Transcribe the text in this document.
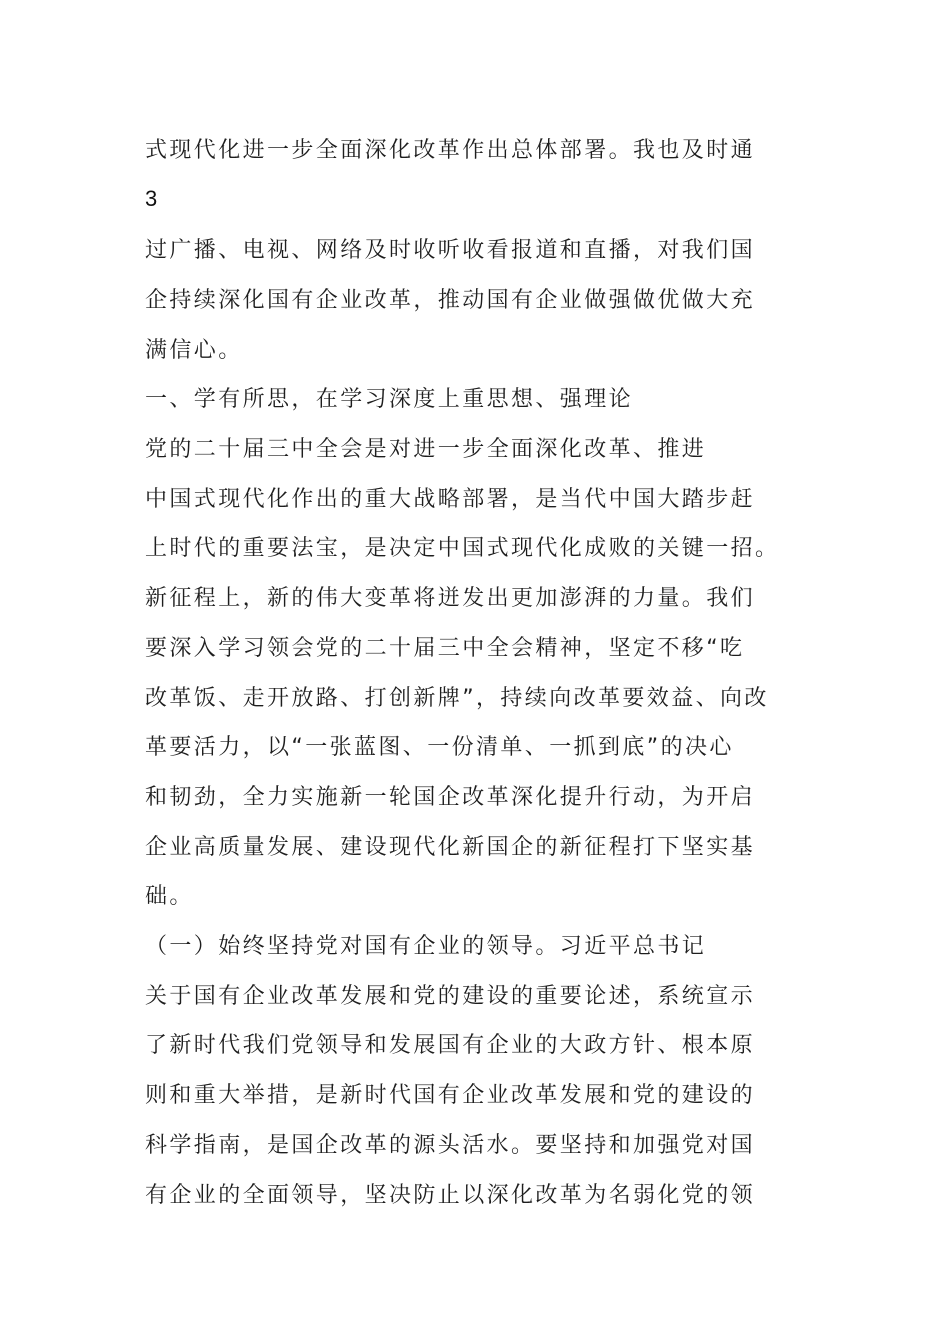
式现代化进一步全面深化改革作出总体部署。我也及时通
3
过广播、电视、网络及时收听收看报道和直播，对我们国
企持续深化国有企业改革，推动国有企业做强做优做大充
满信心。
一、学有所思，在学习深度上重思想、强理论
党的二十届三中全会是对进一步全面深化改革、推进
中国式现代化作出的重大战略部署，是当代中国大踏步赶
上时代的重要法宝，是决定中国式现代化成败的关键一招。
新征程上，新的伟大变革将迸发出更加澎湃的力量。我们
要深入学习领会党的二十届三中全会精神，坚定不移“吃
改革饭、走开放路、打创新牌”，持续向改革要效益、向改
革要活力，以“一张蓝图、一份清单、一抓到底”的决心
和韧劲，全力实施新一轮国企改革深化提升行动，为开启
企业高质量发展、建设现代化新国企的新征程打下坚实基
础。
（一）始终坚持党对国有企业的领导。习近平总书记
关于国有企业改革发展和党的建设的重要论述，系统宣示
了新时代我们党领导和发展国有企业的大政方针、根本原
则和重大举措，是新时代国有企业改革发展和党的建设的
科学指南，是国企改革的源头活水。要坚持和加强党对国
有企业的全面领导，坚决防止以深化改革为名弱化党的领
